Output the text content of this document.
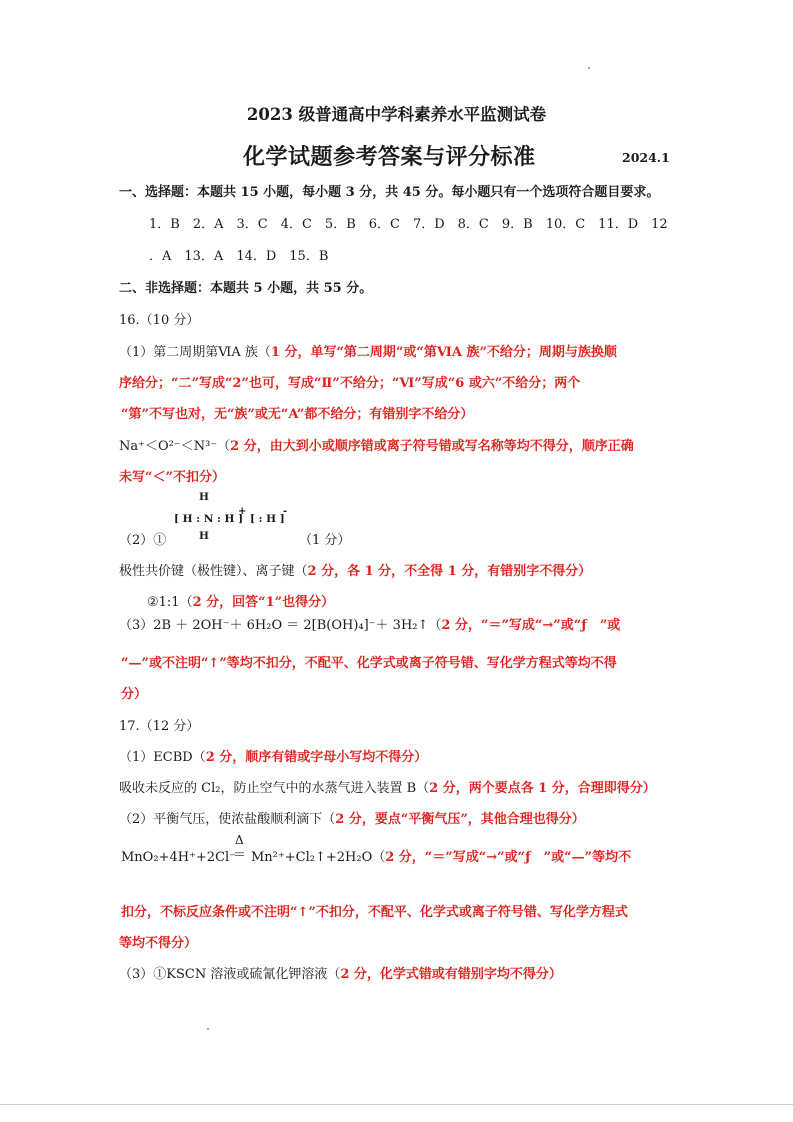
2023 级普通高中学科素养水平监测试卷
化学试题参考答案与评分标准	2024.1
一、选择题：本题共 15 小题，每小题 3 分，共 45 分。每小题只有一个选项符合题目要求。
1．B　2．A　3．C　4．C　5．B　6．C　7．D　8．C　9．B　10．C　11．D　12
．A　13．A　14．D　15．B
二、非选择题：本题共 5 小题，共 55 分。
16.（10 分）
（1）第二周期第ⅥA 族（1 分，单写“第二周期”或“第ⅥA 族”不给分；周期与族换顺
序给分；“二”写成“2”也可，写成“Ⅱ”不给分；“Ⅵ”写成“6 或六”不给分；两个
“第”不写也对，无“族”或无“A”都不给分；有错别字不给分）
Na⁺＜O²⁻＜N³⁻（2 分，由大到小或顺序错或离子符号错或写名称等均不得分，顺序正确
未写“＜”不扣分）
H
[ H : N : H ]
+
[ : H ]
-
H
（2）①	（1 分）
极性共价键（极性键）、离子键（2 分，各 1 分，不全得 1 分，有错别字不得分）
②1:1（2 分，回答“1”也得分）
（3）2B ＋ 2OH⁻＋ 6H₂O ＝ 2[B(OH)₄]⁻＋ 3H₂↑（2 分，“＝”写成“→”或“ƒ　”或
“—”或不注明“↑”等均不扣分，不配平、化学式或离子符号错、写化学方程式等均不得
分）
17.（12 分）
（1）ECBD（2 分，顺序有错或字母小写均不得分）
吸收未反应的 Cl₂，防止空气中的水蒸气进入装置 B（2 分，两个要点各 1 分，合理即得分）
（2）平衡气压，使浓盐酸顺利滴下（2 分，要点“平衡气压”，其他合理也得分）
Δ
＝
MnO₂+4H⁺+2Cl⁻ Mn²⁺+Cl₂↑+2H₂O（2 分，“＝”写成“→”或“ƒ　”或“—”等均不
扣分，不标反应条件或不注明“↑”不扣分，不配平、化学式或离子符号错、写化学方程式
等均不得分）
（3）①KSCN 溶液或硫氰化钾溶液（2 分，化学式错或有错别字均不得分）
